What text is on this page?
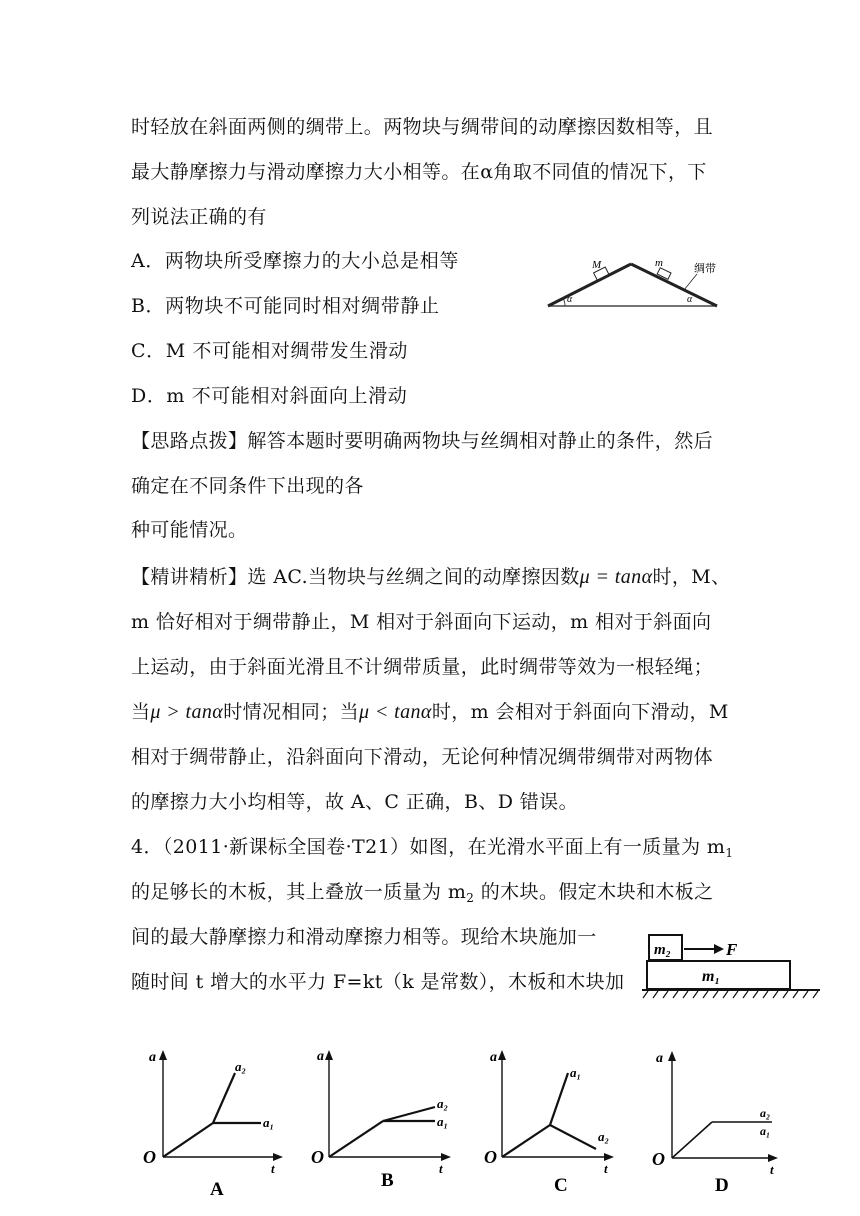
时轻放在斜面两侧的绸带上。两物块与绸带间的动摩擦因数相等，且
最大静摩擦力与滑动摩擦力大小相等。在α角取不同值的情况下，下
列说法正确的有
A．两物块所受摩擦力的大小总是相等
B．两物块不可能同时相对绸带静止
C．M 不可能相对绸带发生滑动
D．m 不可能相对斜面向上滑动
M	m	绸带
α	α
【思路点拨】解答本题时要明确两物块与丝绸相对静止的条件，然后
确定在不同条件下出现的各
种可能情况。
【精讲精析】选 AC.当物块与丝绸之间的动摩擦因数μ = tanα时，M、
m 恰好相对于绸带静止，M 相对于斜面向下运动，m 相对于斜面向
上运动，由于斜面光滑且不计绸带质量，此时绸带等效为一根轻绳；
当μ > tanα时情况相同；当μ < tanα时，m 会相对于斜面向下滑动，M
相对于绸带静止，沿斜面向下滑动，无论何种情况绸带绸带对两物体
的摩擦力大小均相等，故 A、C 正确，B、D 错误。
4．（2011·新课标全国卷·T21）如图，在光滑水平面上有一质量为 $m_1$
的足够长的木板，其上叠放一质量为 $m_2$ 的木块。假定木块和木板之
间的最大静摩擦力和滑动摩擦力相等。现给木块施加一
随时间 t 增大的水平力 F=kt（k 是常数），木板和木块加
m₂	F
m₁
a
O
t
a₂
a₁
A
a
O
t
a₂
a₁
B
a
O
t
a₁
a₂
C
a
O
t
a₂
a₁
D
